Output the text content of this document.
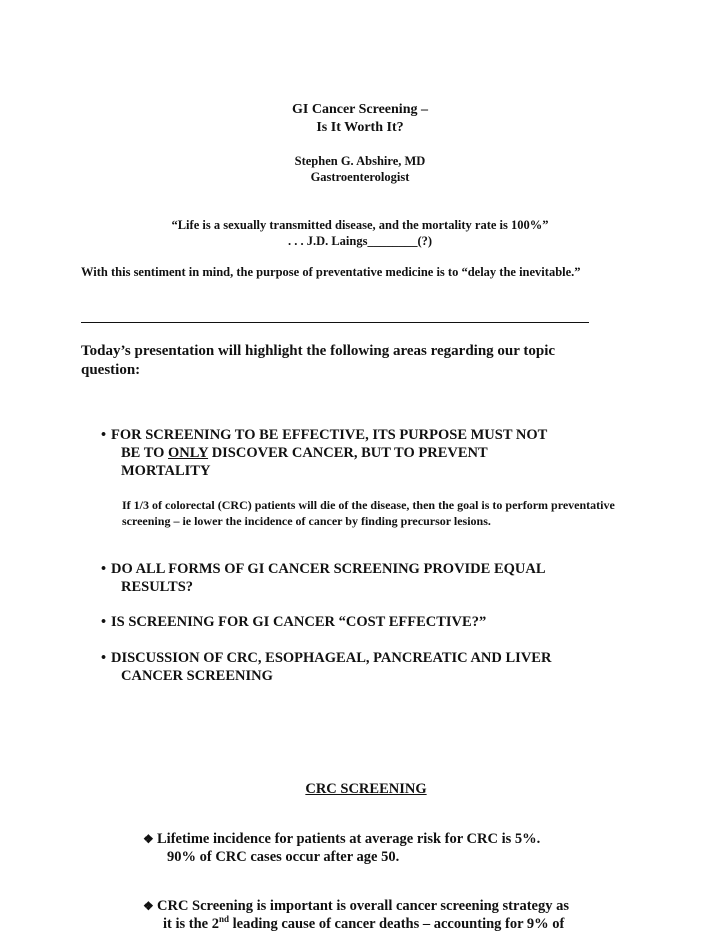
GI Cancer Screening –
Is It Worth It?
Stephen G. Abshire, MD
Gastroenterologist
“Life is a sexually transmitted disease, and the mortality rate is 100%”
. . . J.D. Laings________(?)

With this sentiment in mind, the purpose of preventative medicine is to “delay the inevitable.”

Today’s presentation will highlight the following areas regarding our topic question:

• FOR SCREENING TO BE EFFECTIVE, ITS PURPOSE MUST NOT
BE TO ONLY DISCOVER CANCER, BUT TO PREVENT
MORTALITY

If 1/3 of colorectal (CRC) patients will die of the disease, then the goal is to perform preventative screening – ie lower the incidence of cancer by finding precursor lesions.

• DO ALL FORMS OF GI CANCER SCREENING PROVIDE EQUAL
RESULTS?
• IS SCREENING FOR GI CANCER “COST EFFECTIVE?”
• DISCUSSION OF CRC, ESOPHAGEAL, PANCREATIC AND LIVER
CANCER SCREENING
CRC SCREENING
❖ Lifetime incidence for patients at average risk for CRC is 5%.
90% of CRC cases occur after age 50.
❖ CRC Screening is important is overall cancer screening strategy as
it is the 2nd leading cause of cancer deaths – accounting for 9% of
